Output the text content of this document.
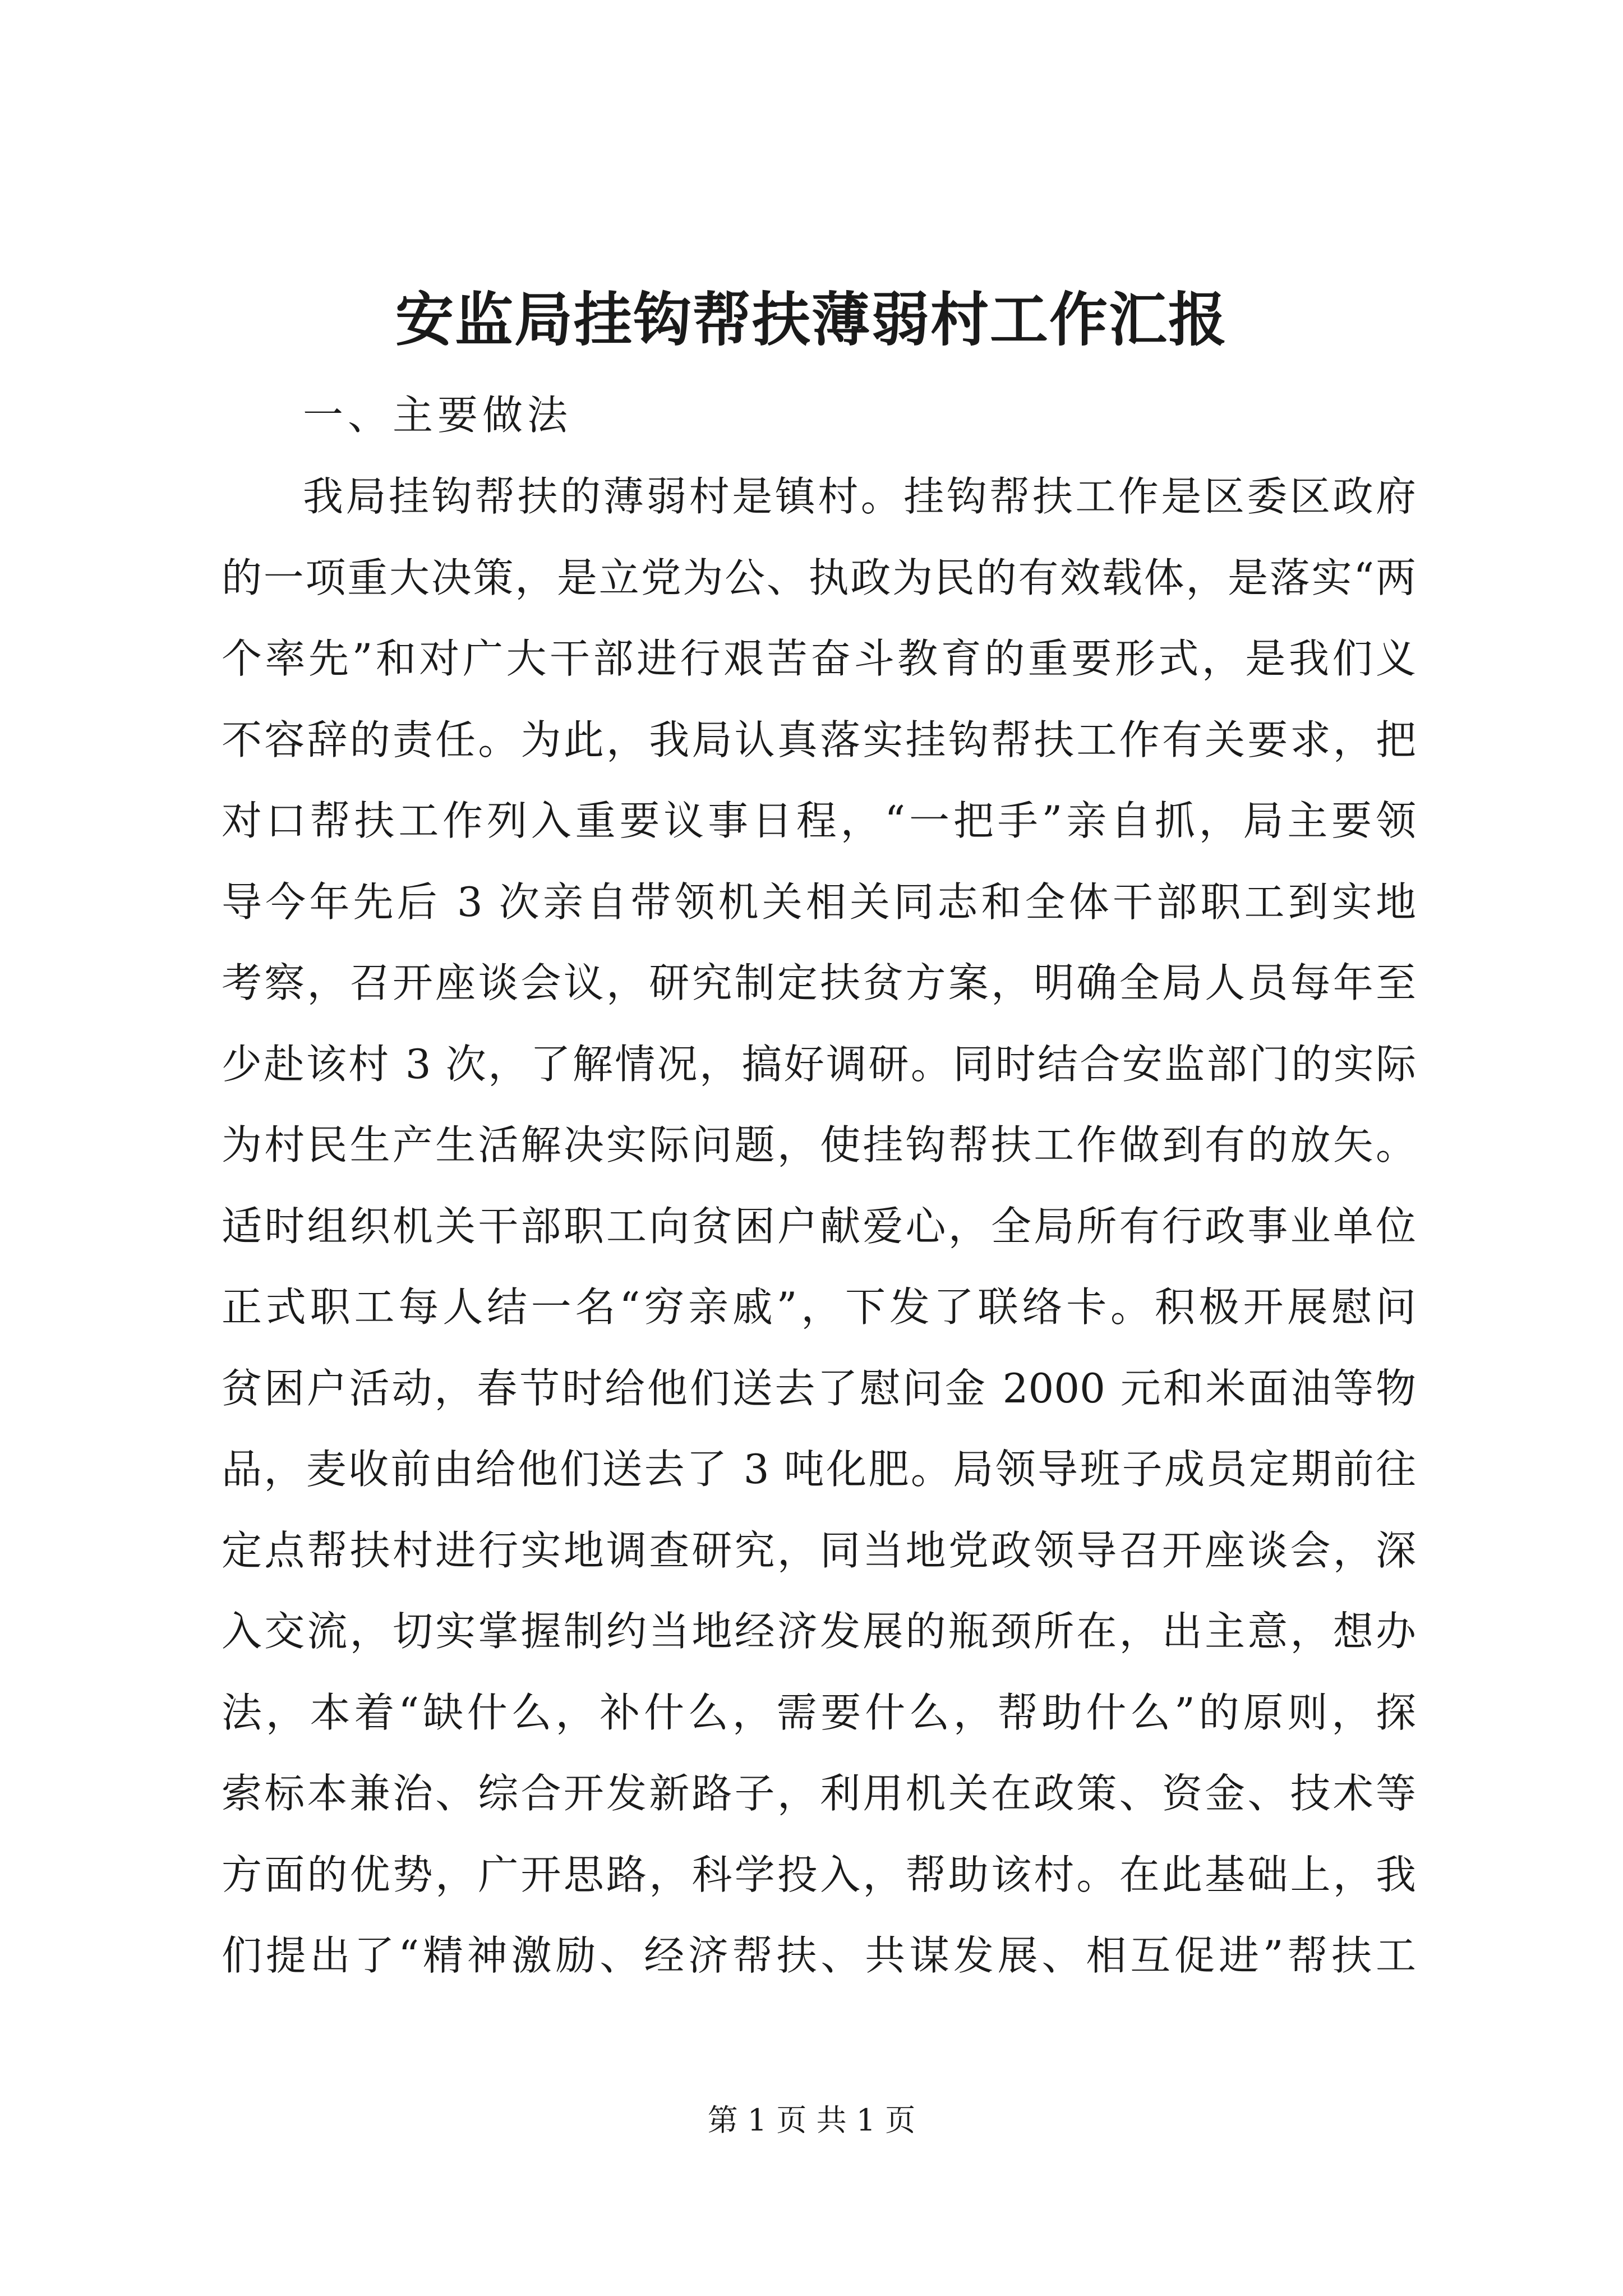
安监局挂钩帮扶薄弱村工作汇报

一、主要做法

我局挂钩帮扶的薄弱村是镇村。挂钩帮扶工作是区委区政府

的一项重大决策，是立党为公、执政为民的有效载体，是落实“两

个率先”和对广大干部进行艰苦奋斗教育的重要形式，是我们义

不容辞的责任。为此，我局认真落实挂钩帮扶工作有关要求，把

对口帮扶工作列入重要议事日程，“一把手”亲自抓，局主要领

导今年先后 3 次亲自带领机关相关同志和全体干部职工到实地

考察，召开座谈会议，研究制定扶贫方案，明确全局人员每年至

少赴该村 3 次，了解情况，搞好调研。同时结合安监部门的实际

为村民生产生活解决实际问题，使挂钩帮扶工作做到有的放矢。

适时组织机关干部职工向贫困户献爱心，全局所有行政事业单位

正式职工每人结一名“穷亲戚”，下发了联络卡。积极开展慰问

贫困户活动，春节时给他们送去了慰问金 2000 元和米面油等物

品，麦收前由给他们送去了 3 吨化肥。局领导班子成员定期前往

定点帮扶村进行实地调查研究，同当地党政领导召开座谈会，深

入交流，切实掌握制约当地经济发展的瓶颈所在，出主意，想办

法，本着“缺什么，补什么，需要什么，帮助什么”的原则，探

索标本兼治、综合开发新路子，利用机关在政策、资金、技术等

方面的优势，广开思路，科学投入，帮助该村。在此基础上，我

们提出了“精神激励、经济帮扶、共谋发展、相互促进”帮扶工

第 1 页 共 1 页
